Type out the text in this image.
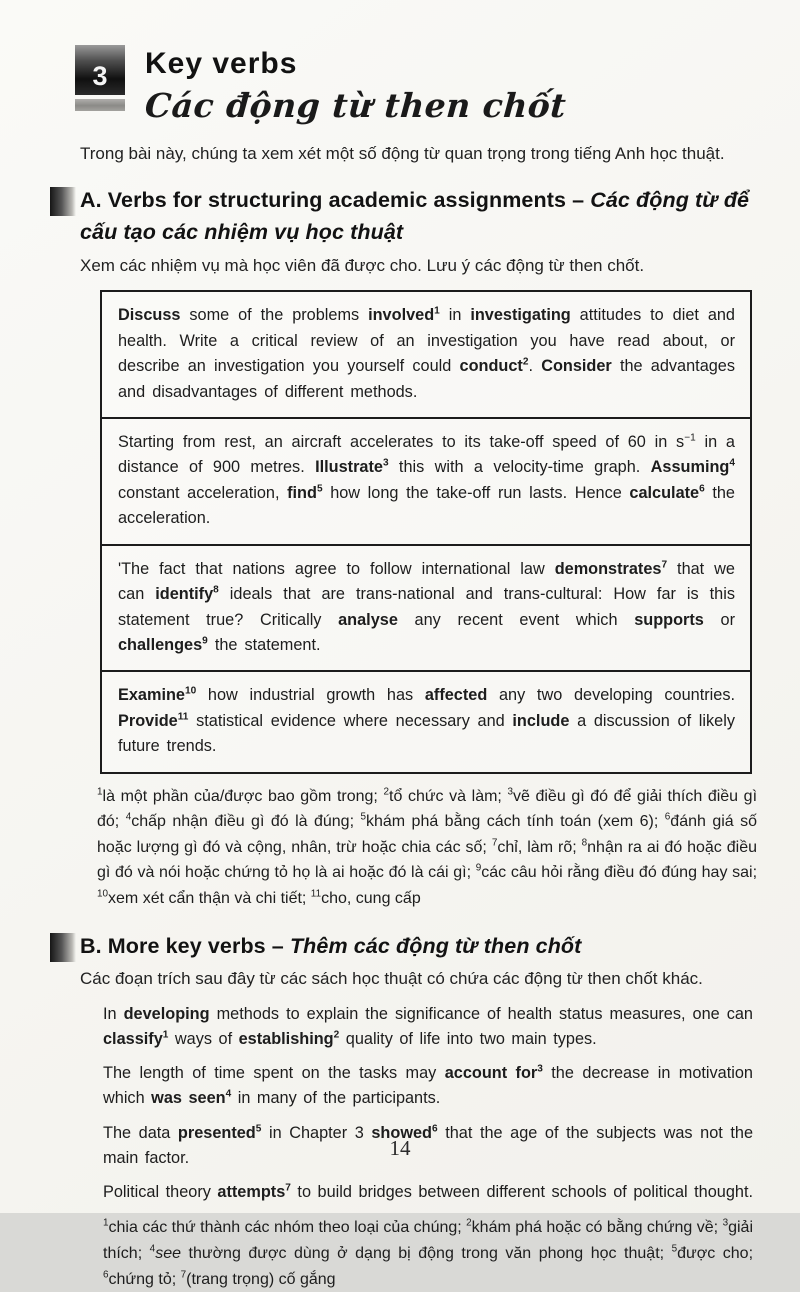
3 Key verbs
Các động từ then chốt
Trong bài này, chúng ta xem xét một số động từ quan trọng trong tiếng Anh học thuật.
A. Verbs for structuring academic assignments – Các động từ để cấu tạo các nhiệm vụ học thuật
Xem các nhiệm vụ mà học viên đã được cho. Lưu ý các động từ then chốt.
Discuss some of the problems involved$^1$ in investigating attitudes to diet and health. Write a critical review of an investigation you have read about, or describe an investigation you yourself could conduct$^2$. Consider the advantages and disadvantages of different methods.
Starting from rest, an aircraft accelerates to its take-off speed of 60 in $s^{-1}$ in a distance of 900 metres. Illustrate$^3$ this with a velocity-time graph. Assuming$^4$ constant acceleration, find$^5$ how long the take-off run lasts. Hence calculate$^6$ the acceleration.
'The fact that nations agree to follow international law demonstrates$^7$ that we can identify$^8$ ideals that are trans-national and trans-cultural: How far is this statement true? Critically analyse any recent event which supports or challenges$^9$ the statement.
Examine$^{10}$ how industrial growth has affected any two developing countries. Provide$^{11}$ statistical evidence where necessary and include a discussion of likely future trends.
$^1$là một phần của/được bao gồm trong; $^2$tổ chức và làm; $^3$vẽ điều gì đó để giải thích điều gì đó; $^4$chấp nhận điều gì đó là đúng; $^5$khám phá bằng cách tính toán (xem 6); $^6$đánh giá số hoặc lượng gì đó và cộng, nhân, trừ hoặc chia các số; $^7$chỉ, làm rõ; $^8$nhận ra ai đó hoặc điều gì đó và nói hoặc chứng tỏ họ là ai hoặc đó là cái gì; $^9$các câu hỏi rằng điều đó đúng hay sai; $^{10}$xem xét cẩn thận và chi tiết; $^{11}$cho, cung cấp
B. More key verbs – Thêm các động từ then chốt
Các đoạn trích sau đây từ các sách học thuật có chứa các động từ then chốt khác.
In developing methods to explain the significance of health status measures, one can classify$^1$ ways of establishing$^2$ quality of life into two main types.
The length of time spent on the tasks may account for$^3$ the decrease in motivation which was seen$^4$ in many of the participants.
The data presented$^5$ in Chapter 3 showed$^6$ that the age of the subjects was not the main factor.
Political theory attempts$^7$ to build bridges between different schools of political thought.
$^1$chia các thứ thành các nhóm theo loại của chúng; $^2$khám phá hoặc có bằng chứng về; $^3$giải thích; $^4$see thường được dùng ở dạng bị động trong văn phong học thuật; $^5$được cho; $^6$chứng tỏ; $^7$(trang trọng) cố gắng
14
